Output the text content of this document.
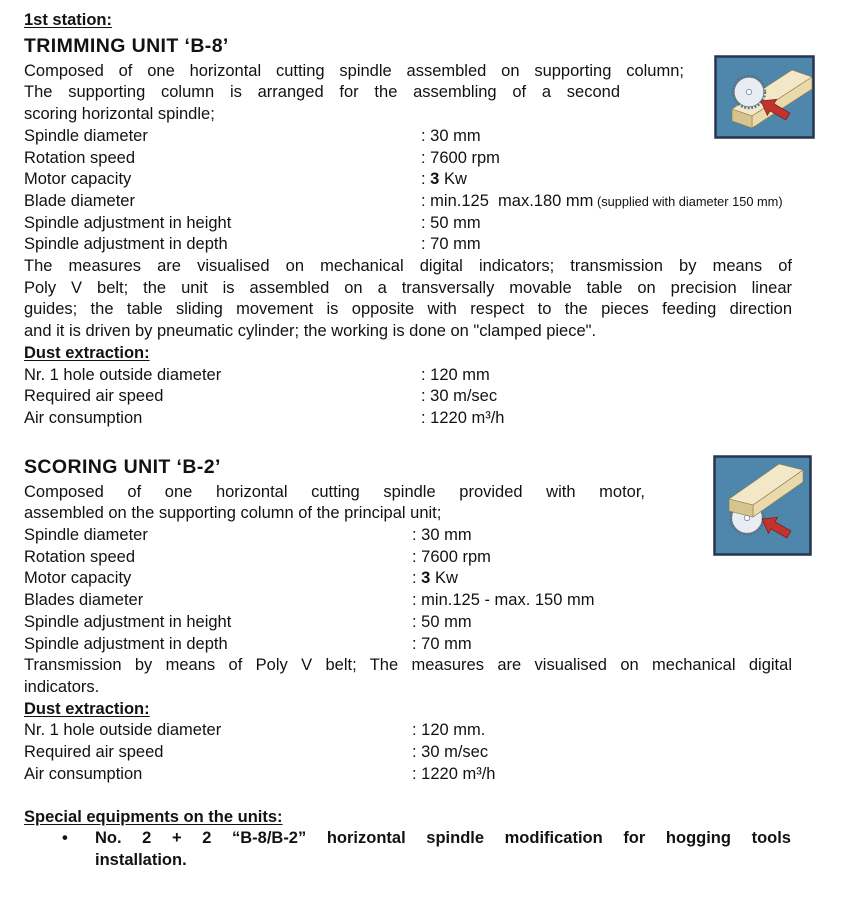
1st station:
TRIMMING UNIT ‘B-8’
Composed of one horizontal cutting spindle assembled on supporting column;
The supporting column is arranged for the assembling of a second
scoring horizontal spindle;
Spindle diameter	: 30 mm
Rotation speed	: 7600 rpm
Motor capacity	: 3 Kw
Blade diameter	: min.125  max.180 mm (supplied with diameter 150 mm)
Spindle adjustment in height	: 50 mm
Spindle adjustment in depth	: 70 mm
The measures are visualised on mechanical digital indicators; transmission by means of
Poly V belt; the unit is assembled on a transversally movable table on precision linear
guides; the table sliding movement is opposite with respect to the pieces feeding direction
and it is driven by pneumatic cylinder; the working is done on "clamped piece".
Dust extraction:
Nr. 1 hole outside diameter	: 120 mm
Required air speed	: 30 m/sec
Air consumption	: 1220 m³/h
SCORING UNIT ‘B-2’
Composed of one horizontal cutting spindle provided with motor,
assembled on the supporting column of the principal unit;
Spindle diameter	: 30 mm
Rotation speed	: 7600 rpm
Motor capacity	: 3 Kw
Blades diameter	: min.125 - max. 150 mm
Spindle adjustment in height	: 50 mm
Spindle adjustment in depth	: 70 mm
Transmission by means of Poly V belt; The measures are visualised on mechanical digital
indicators.
Dust extraction:
Nr. 1 hole outside diameter	: 120 mm.
Required air speed	: 30 m/sec
Air consumption	: 1220 m³/h
Special equipments on the units:
•	No. 2 + 2 “B-8/B-2” horizontal spindle modification for hogging tools
installation.
